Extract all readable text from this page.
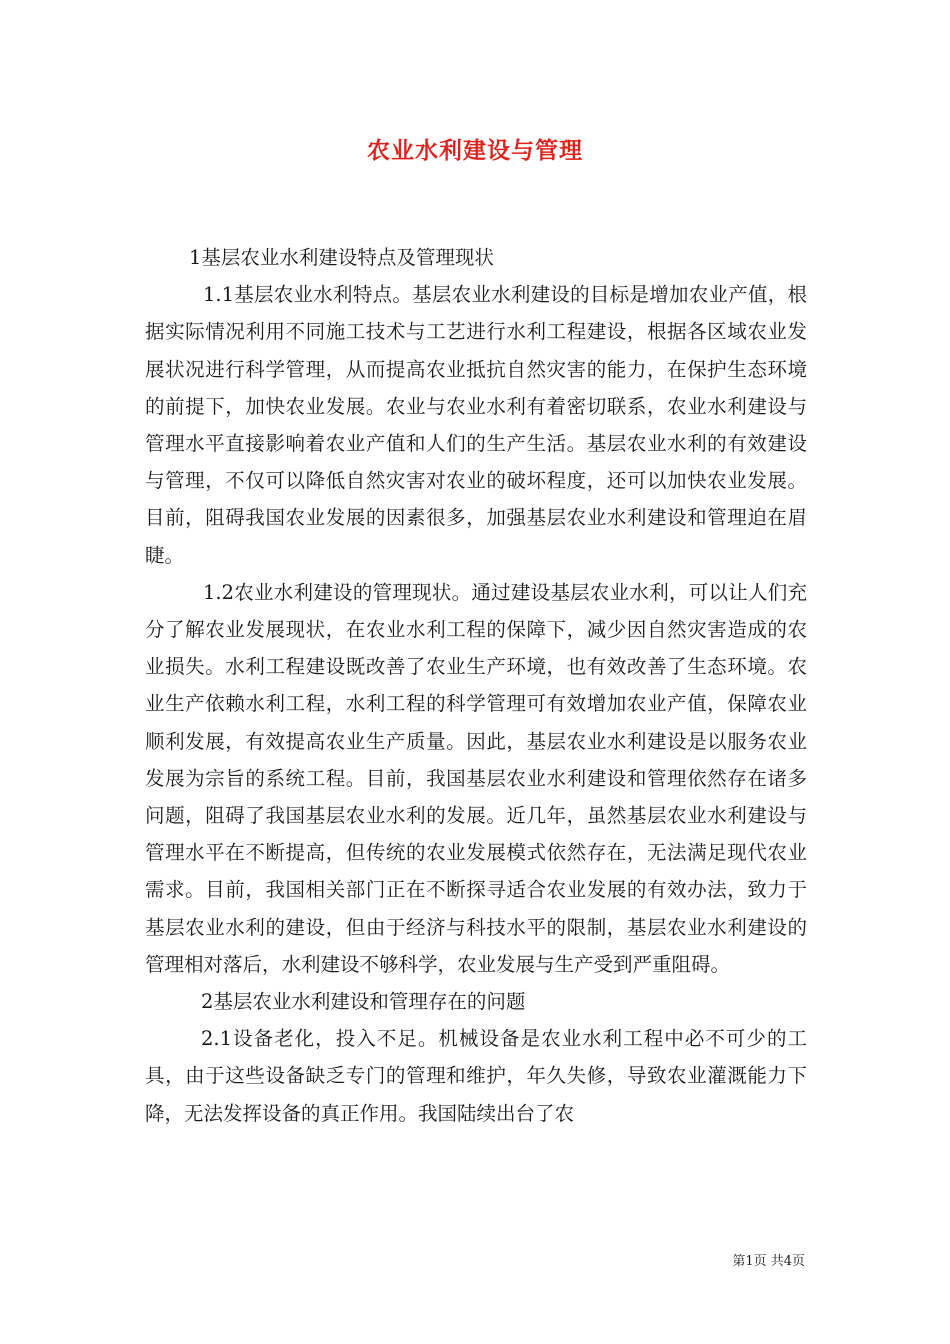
农业水利建设与管理

1基层农业水利建设特点及管理现状

1.1基层农业水利特点。基层农业水利建设的目标是增加农业产值，根据实际情况利用不同施工技术与工艺进行水利工程建设，根据各区域农业发展状况进行科学管理，从而提高农业抵抗自然灾害的能力，在保护生态环境的前提下，加快农业发展。农业与农业水利有着密切联系，农业水利建设与管理水平直接影响着农业产值和人们的生产生活。基层农业水利的有效建设与管理，不仅可以降低自然灾害对农业的破坏程度，还可以加快农业发展。目前，阻碍我国农业发展的因素很多，加强基层农业水利建设和管理迫在眉睫。

1.2农业水利建设的管理现状。通过建设基层农业水利，可以让人们充分了解农业发展现状，在农业水利工程的保障下，减少因自然灾害造成的农业损失。水利工程建设既改善了农业生产环境，也有效改善了生态环境。农业生产依赖水利工程，水利工程的科学管理可有效增加农业产值，保障农业顺利发展，有效提高农业生产质量。因此，基层农业水利建设是以服务农业发展为宗旨的系统工程。目前，我国基层农业水利建设和管理依然存在诸多问题，阻碍了我国基层农业水利的发展。近几年，虽然基层农业水利建设与管理水平在不断提高，但传统的农业发展模式依然存在，无法满足现代农业需求。目前，我国相关部门正在不断探寻适合农业发展的有效办法，致力于基层农业水利的建设，但由于经济与科技水平的限制，基层农业水利建设的管理相对落后，水利建设不够科学，农业发展与生产受到严重阻碍。

2基层农业水利建设和管理存在的问题

2.1设备老化，投入不足。机械设备是农业水利工程中必不可少的工具，由于这些设备缺乏专门的管理和维护，年久失修，导致农业灌溉能力下降，无法发挥设备的真正作用。我国陆续出台了农

第1页 共4页
